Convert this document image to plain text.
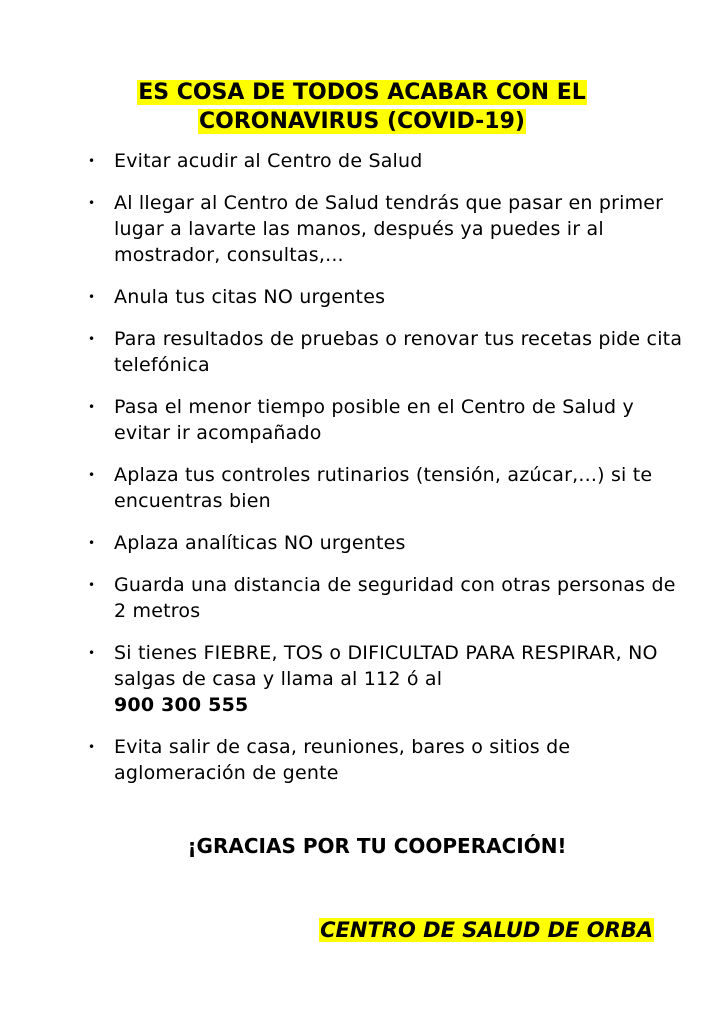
ES COSA DE TODOS ACABAR CON EL
CORONAVIRUS (COVID-19)
• Evitar acudir al Centro de Salud
• Al llegar al Centro de Salud tendrás que pasar en primer lugar a lavarte las manos, después ya puedes ir al mostrador, consultas,...
• Anula tus citas NO urgentes
• Para resultados de pruebas o renovar tus recetas pide cita telefónica
• Pasa el menor tiempo posible en el Centro de Salud y evitar ir acompañado
• Aplaza tus controles rutinarios (tensión, azúcar,...) si te encuentras bien
• Aplaza analíticas NO urgentes
• Guarda una distancia de seguridad con otras personas de 2 metros
• Si tienes FIEBRE, TOS o DIFICULTAD PARA RESPIRAR, NO salgas de casa y llama al 112 ó al
900 300 555
• Evita salir de casa, reuniones, bares o sitios de aglomeración de gente
¡GRACIAS POR TU COOPERACIÓN!
CENTRO DE SALUD DE ORBA
